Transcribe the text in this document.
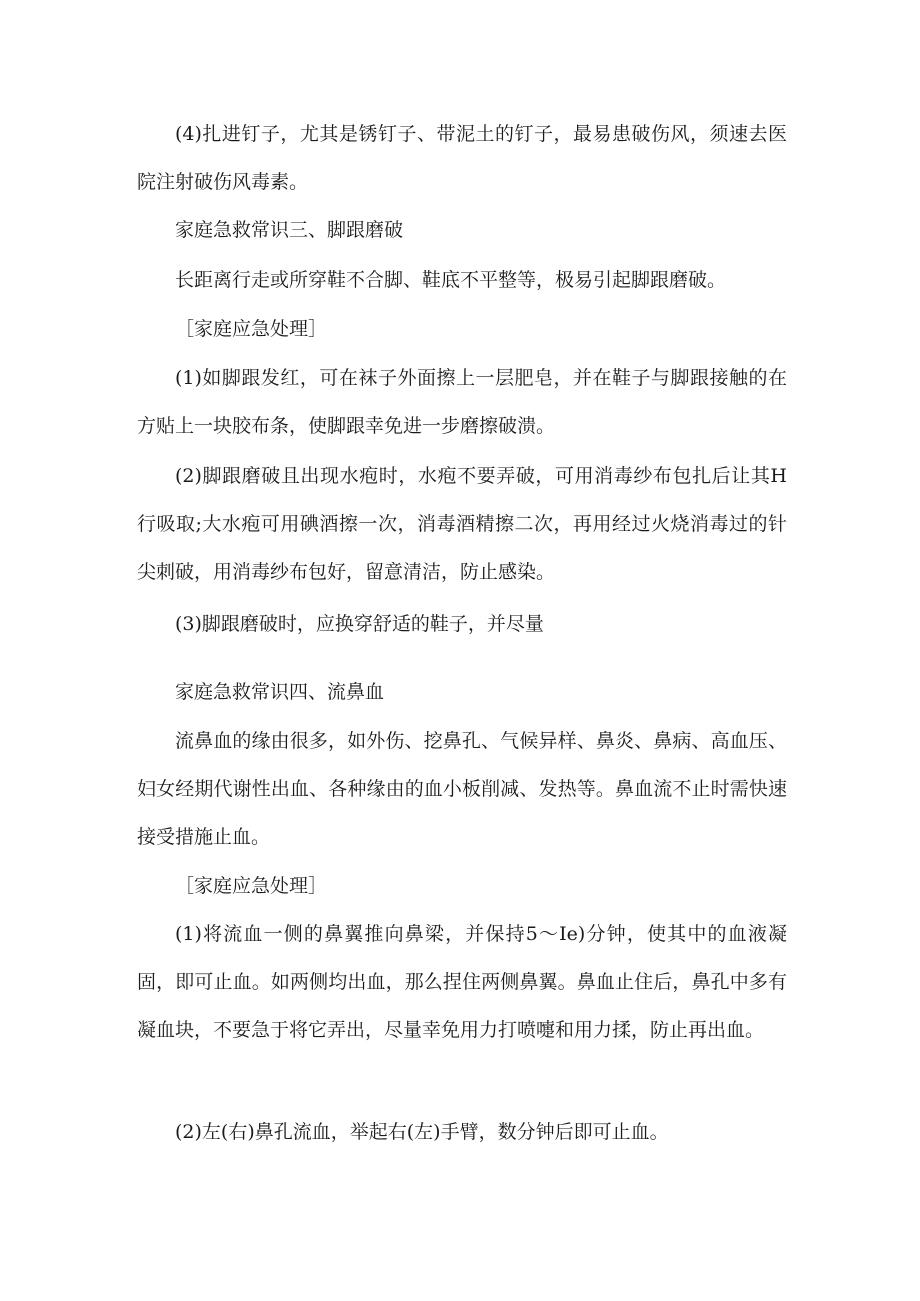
(4)扎进钉子，尤其是锈钉子、带泥土的钉子，最易患破伤风，须速去医院注射破伤风毒素。

家庭急救常识三、脚跟磨破

长距离行走或所穿鞋不合脚、鞋底不平整等，极易引起脚跟磨破。

［家庭应急处理］

(1)如脚跟发红，可在袜子外面擦上一层肥皂，并在鞋子与脚跟接触的在方贴上一块胶布条，使脚跟幸免进一步磨擦破溃。

(2)脚跟磨破且出现水疱时，水疱不要弄破，可用消毒纱布包扎后让其H行吸取;大水疱可用碘酒擦一次，消毒酒精擦二次，再用经过火烧消毒过的针尖刺破，用消毒纱布包好，留意清洁，防止感染。

(3)脚跟磨破时，应换穿舒适的鞋子，并尽量

家庭急救常识四、流鼻血

流鼻血的缘由很多，如外伤、挖鼻孔、气候异样、鼻炎、鼻病、高血压、妇女经期代谢性出血、各种缘由的血小板削减、发热等。鼻血流不止时需快速接受措施止血。

［家庭应急处理］

(1)将流血一侧的鼻翼推向鼻梁，并保持5～Ie)分钟，使其中的血液凝固，即可止血。如两侧均出血，那么捏住两侧鼻翼。鼻血止住后，鼻孔中多有凝血块，不要急于将它弄出，尽量幸免用力打喷嚏和用力揉，防止再出血。

(2)左(右)鼻孔流血，举起右(左)手臂，数分钟后即可止血。
